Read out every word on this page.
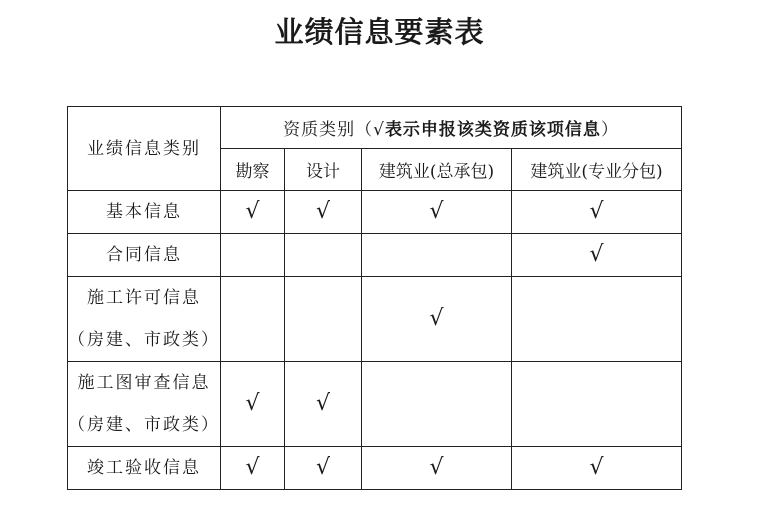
业绩信息要素表
业绩信息类别	资质类别（√表示申报该类资质该项信息）			
	勘察	设计	建筑业(总承包)	建筑业(专业分包)
基本信息	√	√	√	√
合同信息				√

施工许可信息
（房建、市政类）			√	

施工图审查信息
（房建、市政类）	√	√		
竣工验收信息	√	√	√	√
